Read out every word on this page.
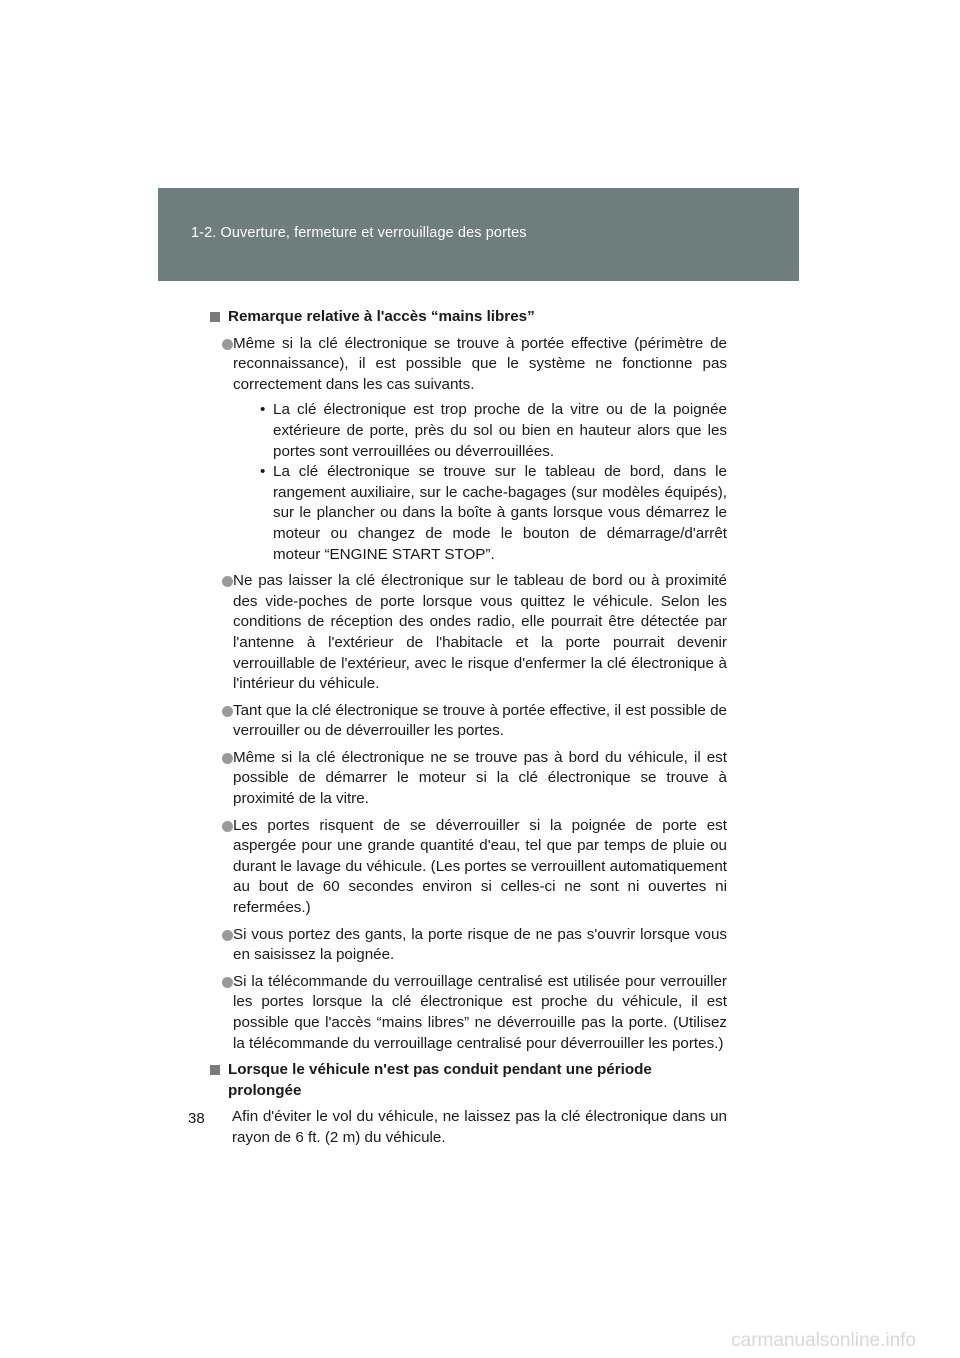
1-2. Ouverture, fermeture et verrouillage des portes
Remarque relative à l'accès “mains libres”

Même si la clé électronique se trouve à portée effective (périmètre de reconnaissance), il est possible que le système ne fonctionne pas correctement dans les cas suivants.

• La clé électronique est trop proche de la vitre ou de la poignée extérieure de porte, près du sol ou bien en hauteur alors que les portes sont verrouillées ou déverrouillées.
• La clé électronique se trouve sur le tableau de bord, dans le rangement auxiliaire, sur le cache-bagages (sur modèles équipés), sur le plancher ou dans la boîte à gants lorsque vous démarrez le moteur ou changez de mode le bouton de démarrage/d'arrêt moteur “ENGINE START STOP”.

Ne pas laisser la clé électronique sur le tableau de bord ou à proximité des vide-poches de porte lorsque vous quittez le véhicule. Selon les conditions de réception des ondes radio, elle pourrait être détectée par l'antenne à l'extérieur de l'habitacle et la porte pourrait devenir verrouillable de l'extérieur, avec le risque d'enfermer la clé électronique à l'intérieur du véhicule.

Tant que la clé électronique se trouve à portée effective, il est possible de verrouiller ou de déverrouiller les portes.

Même si la clé électronique ne se trouve pas à bord du véhicule, il est possible de démarrer le moteur si la clé électronique se trouve à proximité de la vitre.

Les portes risquent de se déverrouiller si la poignée de porte est aspergée pour une grande quantité d'eau, tel que par temps de pluie ou durant le lavage du véhicule. (Les portes se verrouillent automatiquement au bout de 60 secondes environ si celles-ci ne sont ni ouvertes ni refermées.)

Si vous portez des gants, la porte risque de ne pas s'ouvrir lorsque vous en saisissez la poignée.

Si la télécommande du verrouillage centralisé est utilisée pour verrouiller les portes lorsque la clé électronique est proche du véhicule, il est possible que l'accès “mains libres” ne déverrouille pas la porte. (Utilisez la télécommande du verrouillage centralisé pour déverrouiller les portes.)

Lorsque le véhicule n'est pas conduit pendant une période prolongée
Afin d'éviter le vol du véhicule, ne laissez pas la clé électronique dans un rayon de 6 ft. (2 m) du véhicule.
38
carmanualsonline.info
